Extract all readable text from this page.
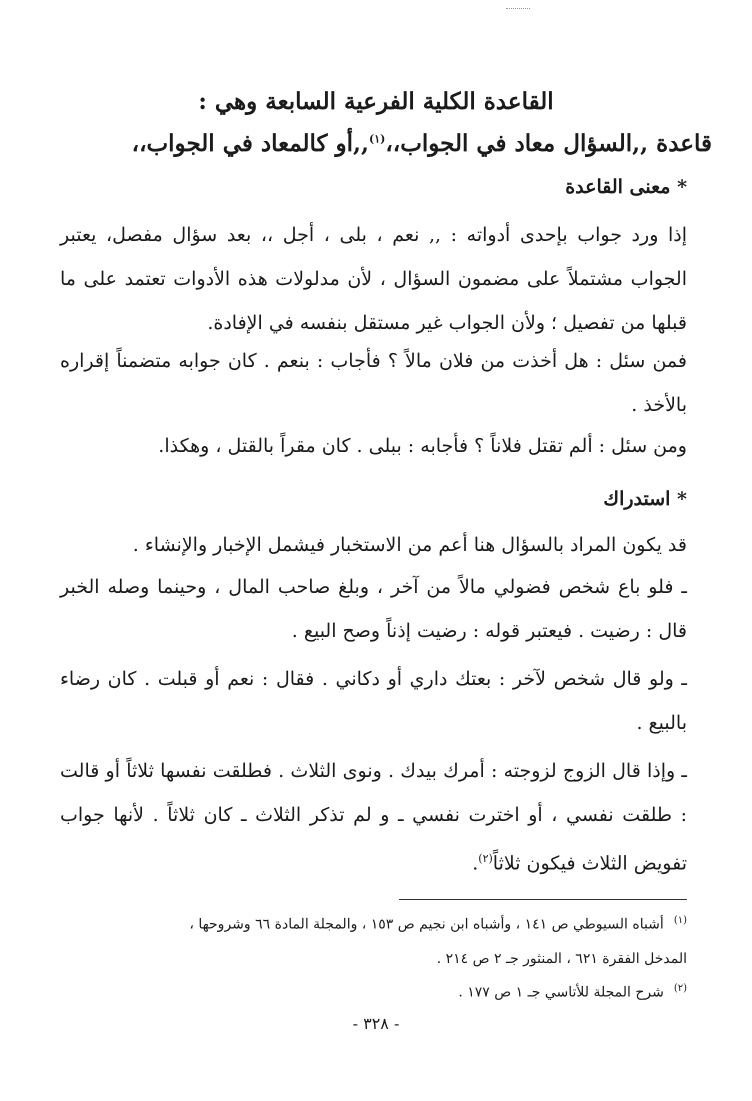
القاعدة الكلية الفرعية السابعة وهي :
قاعدة ,,السؤال معاد في الجواب،،$^{(١)}$,,أو كالمعاد في الجواب،،
* معنى القاعدة
إذا ورد جواب بإحدى أدواته : ,, نعم ، بلى ، أجل ،، بعد سؤال مفصل، يعتبر الجواب مشتملاً على مضمون السؤال ، لأن مدلولات هذه الأدوات تعتمد على ما قبلها من تفصيل ؛ ولأن الجواب غير مستقل بنفسه في الإفادة.
فمن سئل : هل أخذت من فلان مالاً ؟ فأجاب : بنعم . كان جوابه متضمناً إقراره بالأخذ .
ومن سئل : ألم تقتل فلاناً ؟ فأجابه : ببلى . كان مقراً بالقتل ، وهكذا.
* استدراك
قد يكون المراد بالسؤال هنا أعم من الاستخبار فيشمل الإخبار والإنشاء .
ـ فلو باع شخص فضولي مالاً من آخر ، وبلغ صاحب المال ، وحينما وصله الخبر قال : رضيت . فيعتبر قوله : رضيت إذناً وصح البيع .
ـ ولو قال شخص لآخر : بعتك داري أو دكاني . فقال : نعم أو قبلت . كان رضاء بالبيع .
ـ وإذا قال الزوج لزوجته : أمرك بيدك . ونوى الثلاث . فطلقت نفسها ثلاثاً أو قالت : طلقت نفسي ، أو اخترت نفسي ـ و لم تذكر الثلاث ـ كان ثلاثاً . لأنها جواب تفويض الثلاث فيكون ثلاثاً$^{(٢)}$.
$^{(١)}$أشباه السيوطي ص ١٤١ ، وأشباه ابن نجيم ص ١٥٣ ، والمجلة المادة ٦٦ وشروحها ،
المدخل الفقرة ٦٢١ ، المنثور جـ ٢ ص ٢١٤ .
$^{(٢)}$شرح المجلة للأتاسي جـ ١ ص ١٧٧ .
- ٣٢٨ -
